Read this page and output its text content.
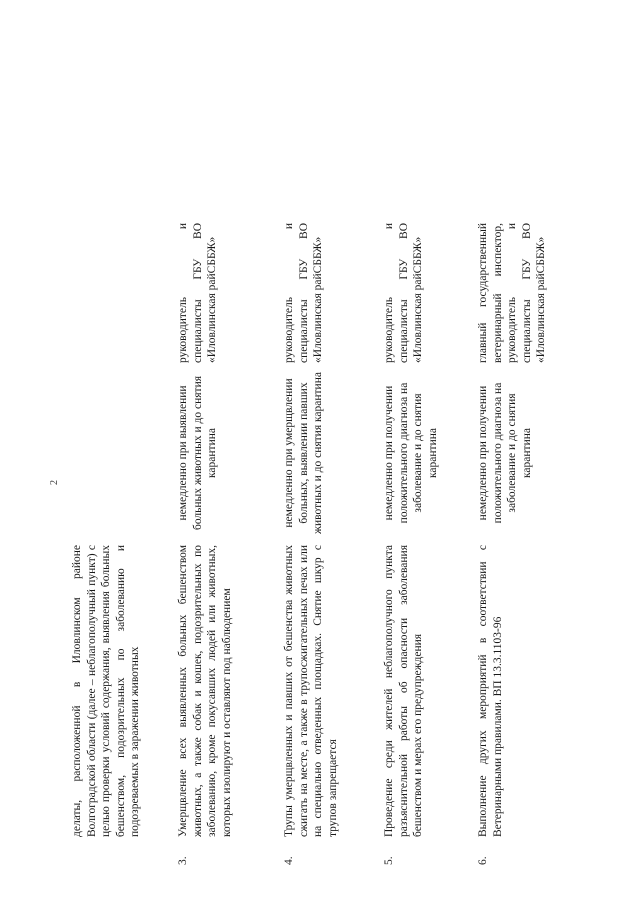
2
делаты, расположенной в Иловлинском районе Волгоградской области (далее – неблагополучный пункт) с целью проверки условий содержания, выявления больных бешенством, подозрительных по заболеванию и подозреваемых в заражении животных
3.
Умерщвление всех выявленных больных бешенством животных, а также собак и кошек, подозрительных по заболеванию, кроме покусавших людей или животных, которых изолируют и оставляют под наблюдением
немедленно при выявлении больных животных и до снятия карантина
руководитель и специалисты ГБУ ВО «Иловлинская райСББЖ»
4.
Трупы умерщвленных и павших от бешенства животных сжигать на месте, а также в трупосжигательных печах или на специально отведенных площадках. Снятие шкур с трупов запрещается
немедленно при умерщвлении больных, выявлении павших животных и до снятия карантина
руководитель и специалисты ГБУ ВО «Иловлинская райСББЖ»
5.
Проведение среди жителей неблагополучного пункта разъяснительной работы об опасности заболевания бешенством и мерах его предупреждения
немедленно при получении положительного диагноза на заболевание и до снятия карантина
руководитель и специалисты ГБУ ВО «Иловлинская райСББЖ»
6.
Выполнение других мероприятий в соответствии с Ветеринарными правилами. ВП 13.3.1103-96
немедленно при получении положительного диагноза на заболевание и до снятия карантина
главный государственный ветеринарный инспектор, руководитель и специалисты ГБУ ВО «Иловлинская райСББЖ»
